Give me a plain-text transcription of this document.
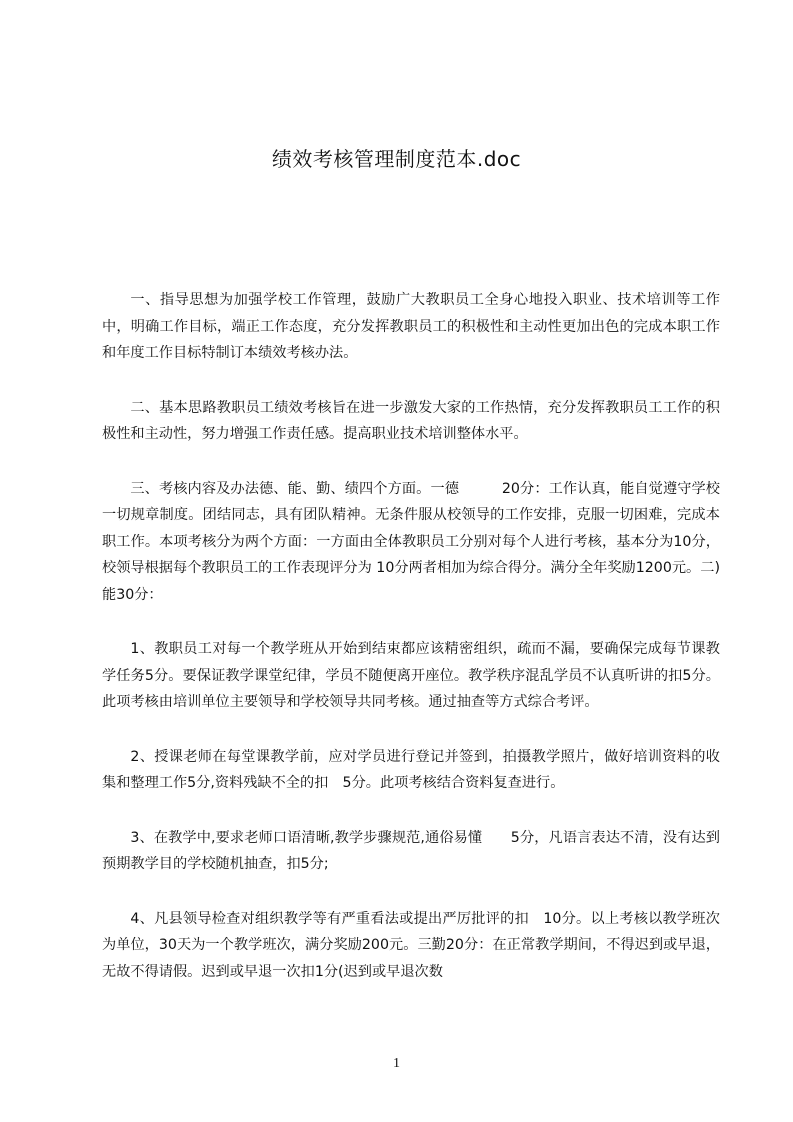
绩效考核管理制度范本.doc

一、指导思想为加强学校工作管理，鼓励广大教职员工全身心地投入职业、技术培训等工作中，明确工作目标，端正工作态度，充分发挥教职员工的积极性和主动性更加出色的完成本职工作和年度工作目标特制订本绩效考核办法。

二、基本思路教职员工绩效考核旨在进一步激发大家的工作热情，充分发挥教职员工工作的积极性和主动性，努力增强工作责任感。提高职业技术培训整体水平。

三、考核内容及办法德、能、勤、绩四个方面。一德　　　20分：工作认真，能自觉遵守学校一切规章制度。团结同志，具有团队精神。无条件服从校领导的工作安排，克服一切困难，完成本职工作。本项考核分为两个方面：一方面由全体教职员工分别对每个人进行考核，基本分为10分，校领导根据每个教职员工的工作表现评分为 10分两者相加为综合得分。满分全年奖励1200元。二)能30分：

1、教职员工对每一个教学班从开始到结束都应该精密组织，疏而不漏，要确保完成每节课教学任务5分。要保证教学课堂纪律，学员不随便离开座位。教学秩序混乱学员不认真听讲的扣5分。此项考核由培训单位主要领导和学校领导共同考核。通过抽查等方式综合考评。

2、授课老师在每堂课教学前，应对学员进行登记并签到，拍摄教学照片，做好培训资料的收集和整理工作5分,资料残缺不全的扣　5分。此项考核结合资料复查进行。

3、在教学中,要求老师口语清晰,教学步骤规范,通俗易懂　　5分，凡语言表达不清，没有达到预期教学目的学校随机抽查，扣5分;

4、凡县领导检查对组织教学等有严重看法或提出严厉批评的扣　10分。以上考核以教学班次为单位，30天为一个教学班次，满分奖励200元。三勤20分：在正常教学期间，不得迟到或早退，无故不得请假。迟到或早退一次扣1分(迟到或早退次数

1
